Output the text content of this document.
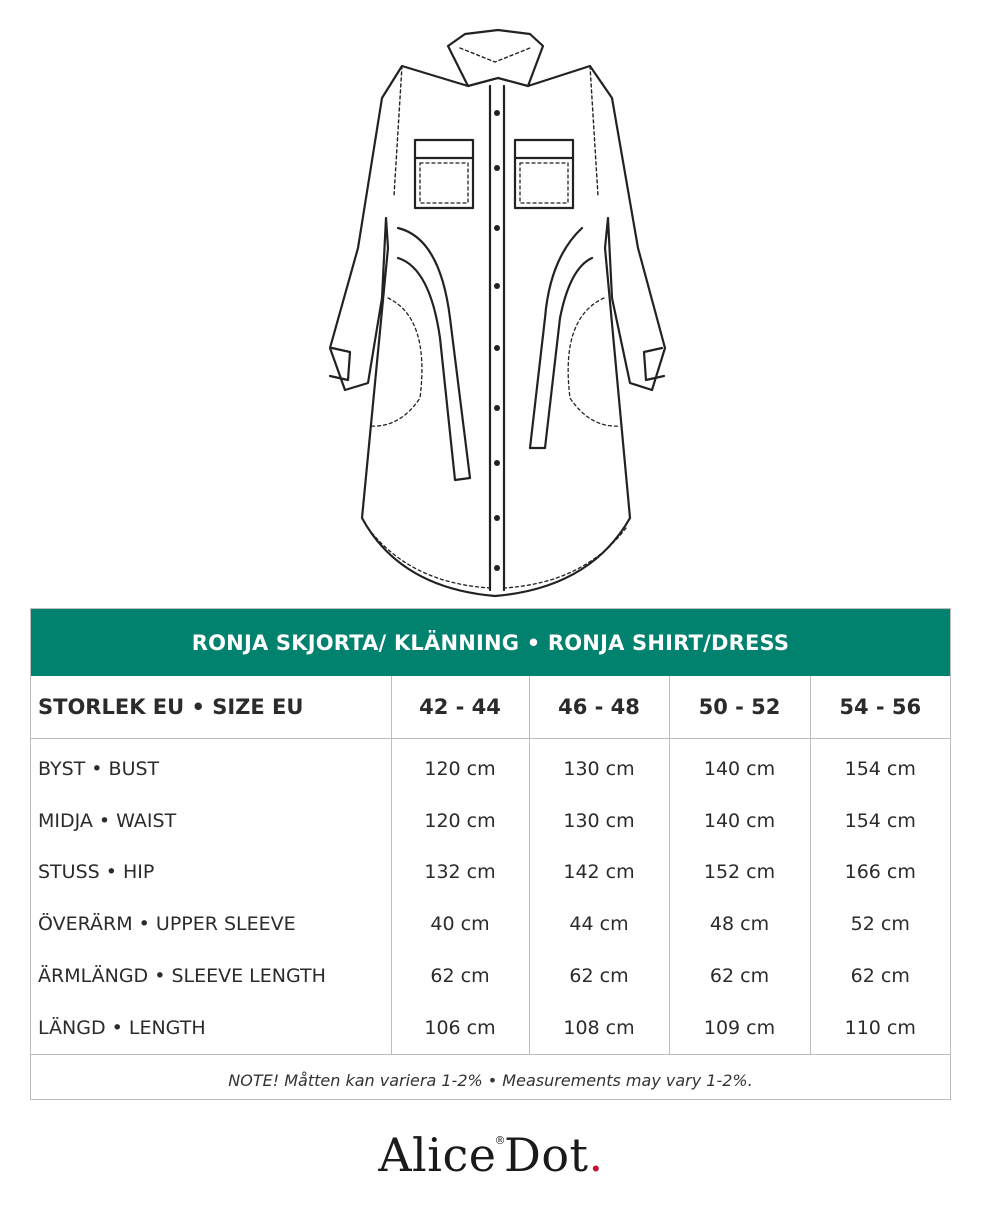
RONJA SKJORTA/ KLÄNNING • RONJA SHIRT/DRESS
STORLEK EU • SIZE EU	42 - 44	46 - 48	50 - 52	54 - 56
BYST • BUST	120 cm	130 cm	140 cm	154 cm
MIDJA • WAIST	120 cm	130 cm	140 cm	154 cm
STUSS • HIP	132 cm	142 cm	152 cm	166 cm
ÖVERÄRM • UPPER SLEEVE	40 cm	44 cm	48 cm	52 cm
ÄRMLÄNGD • SLEEVE LENGTH	62 cm	62 cm	62 cm	62 cm
LÄNGD • LENGTH	106 cm	108 cm	109 cm	110 cm
NOTE! Måtten kan variera 1-2% • Measurements may vary 1-2%.				
Alice®Dot.
